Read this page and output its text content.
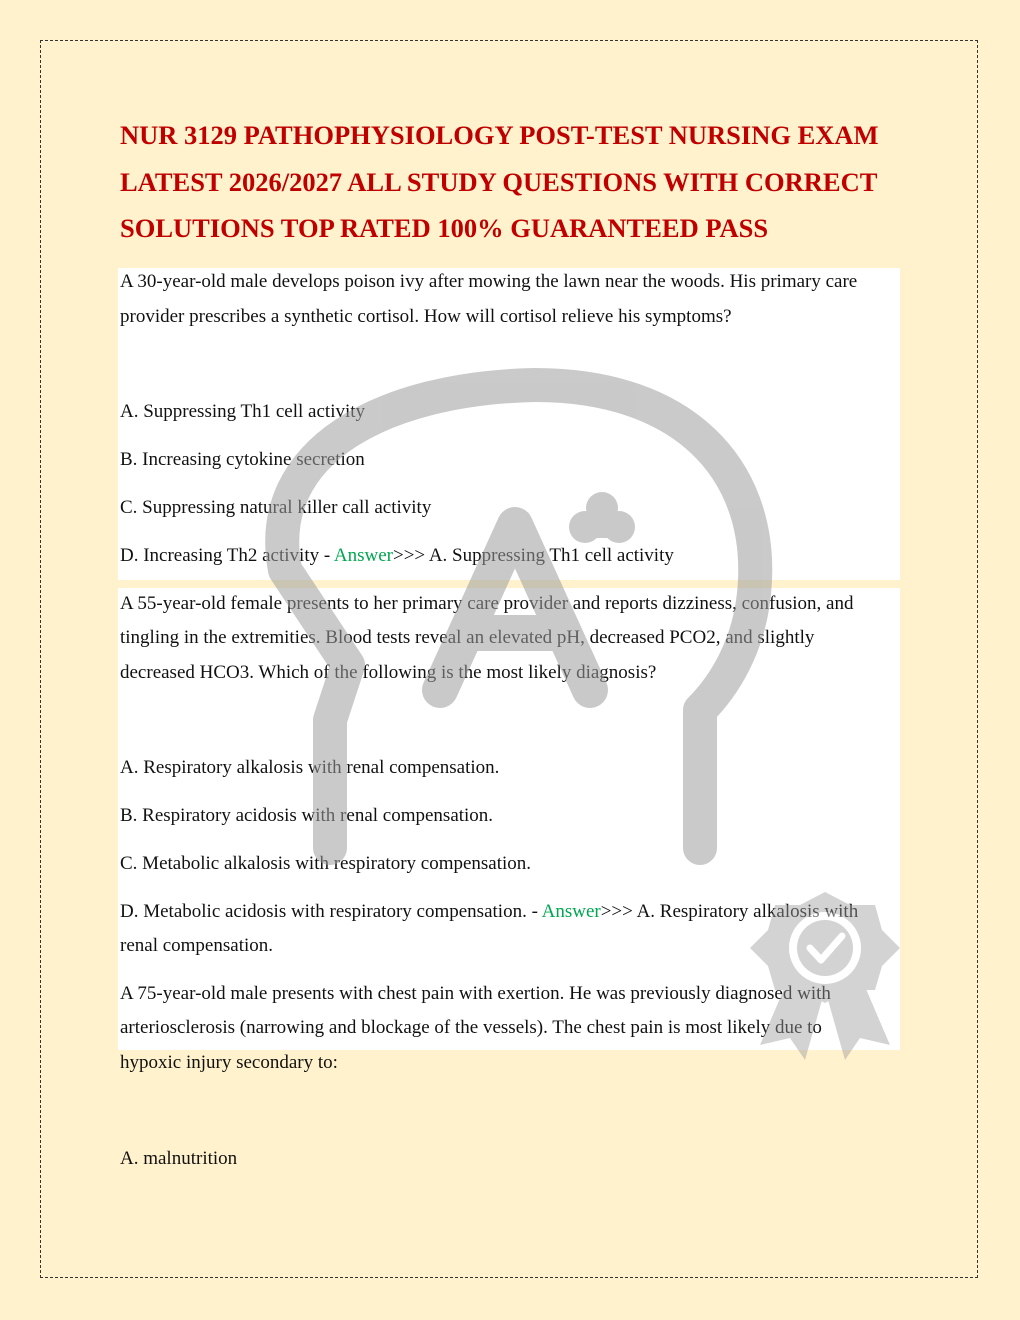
NUR 3129 PATHOPHYSIOLOGY POST-TEST NURSING EXAM LATEST 2026/2027 ALL STUDY QUESTIONS WITH CORRECT SOLUTIONS TOP RATED 100% GUARANTEED PASS
A 30-year-old male develops poison ivy after mowing the lawn near the woods. His primary care
provider prescribes a synthetic cortisol. How will cortisol relieve his symptoms?
A. Suppressing Th1 cell activity
B. Increasing cytokine secretion
C. Suppressing natural killer call activity
D. Increasing Th2 activity - Answer>>> A. Suppressing Th1 cell activity
A 55-year-old female presents to her primary care provider and reports dizziness, confusion, and
tingling in the extremities. Blood tests reveal an elevated pH, decreased PCO2, and slightly
decreased HCO3. Which of the following is the most likely diagnosis?
A. Respiratory alkalosis with renal compensation.
B. Respiratory acidosis with renal compensation.
C. Metabolic alkalosis with respiratory compensation.
D. Metabolic acidosis with respiratory compensation. - Answer>>> A. Respiratory alkalosis with
renal compensation.
A 75-year-old male presents with chest pain with exertion. He was previously diagnosed with
arteriosclerosis (narrowing and blockage of the vessels). The chest pain is most likely due to
hypoxic injury secondary to:
A. malnutrition
